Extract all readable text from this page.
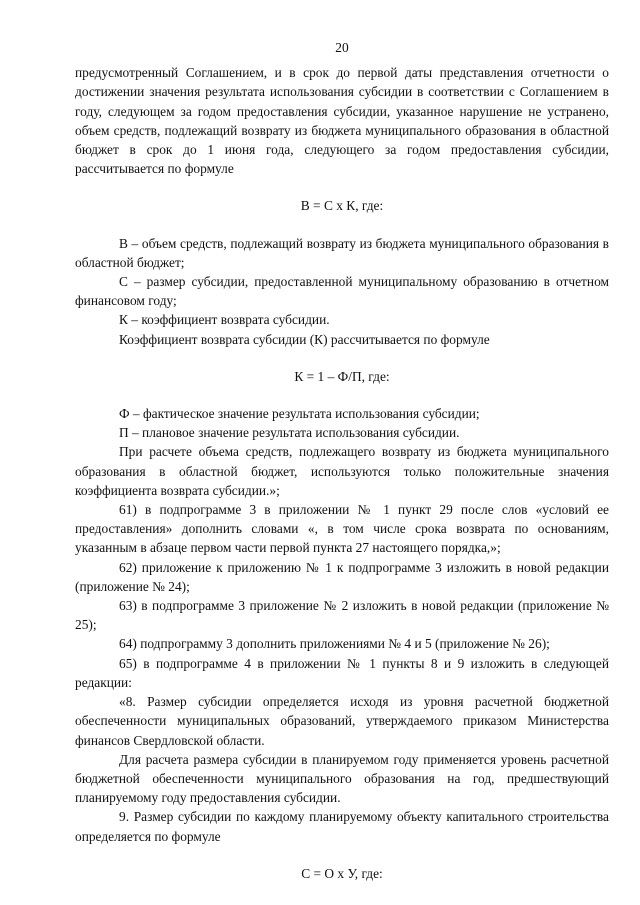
20

предусмотренный Соглашением, и в срок до первой даты представления отчетности о достижении значения результата использования субсидии в соответствии с Соглашением в году, следующем за годом предоставления субсидии, указанное нарушение не устранено, объем средств, подлежащий возврату из бюджета муниципального образования в областной бюджет в срок до 1 июня года, следующего за годом предоставления субсидии, рассчитывается по формуле

В = С х К, где:

В – объем средств, подлежащий возврату из бюджета муниципального образования в областной бюджет;

С – размер субсидии, предоставленной муниципальному образованию в отчетном финансовом году;

К – коэффициент возврата субсидии.

Коэффициент возврата субсидии (К) рассчитывается по формуле

К = 1 – Ф/П, где:

Ф – фактическое значение результата использования субсидии;

П – плановое значение результата использования субсидии.

При расчете объема средств, подлежащего возврату из бюджета муниципального образования в областной бюджет, используются только положительные значения коэффициента возврата субсидии.»;

61) в подпрограмме 3 в приложении № 1 пункт 29 после слов «условий ее предоставления» дополнить словами «, в том числе срока возврата по основаниям, указанным в абзаце первом части первой пункта 27 настоящего порядка,»;

62) приложение к приложению № 1 к подпрограмме 3 изложить в новой редакции (приложение № 24);

63) в подпрограмме 3 приложение № 2 изложить в новой редакции (приложение № 25);

64) подпрограмму 3 дополнить приложениями № 4 и 5 (приложение № 26);

65) в подпрограмме 4 в приложении № 1 пункты 8 и 9 изложить в следующей редакции:

«8. Размер субсидии определяется исходя из уровня расчетной бюджетной обеспеченности муниципальных образований, утверждаемого приказом Министерства финансов Свердловской области.

Для расчета размера субсидии в планируемом году применяется уровень расчетной бюджетной обеспеченности муниципального образования на год, предшествующий планируемому году предоставления субсидии.

9. Размер субсидии по каждому планируемому объекту капитального строительства определяется по формуле

С = О х У, где:
